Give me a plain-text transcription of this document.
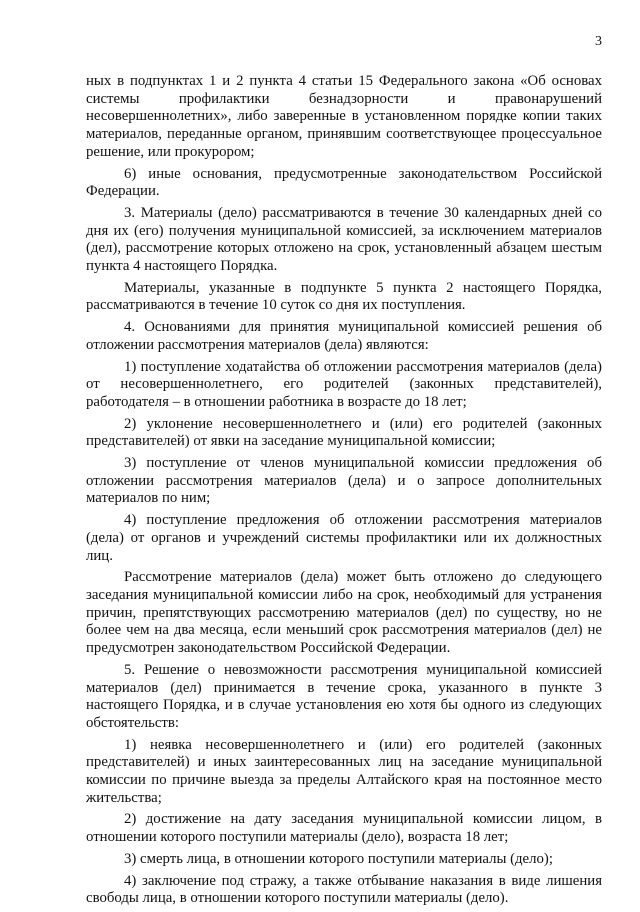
3

ных в подпунктах 1 и 2 пункта 4 статьи 15 Федерального закона «Об основах системы профилактики безнадзорности и правонарушений несовершеннолетних», либо заверенные в установленном порядке копии таких материалов, переданные органом, принявшим соответствующее процессуальное решение, или прокурором;

6) иные основания, предусмотренные законодательством Российской Федерации.

3. Материалы (дело) рассматриваются в течение 30 календарных дней со дня их (его) получения муниципальной комиссией, за исключением материалов (дел), рассмотрение которых отложено на срок, установленный абзацем шестым пункта 4 настоящего Порядка.

Материалы, указанные в подпункте 5 пункта 2 настоящего Порядка, рассматриваются в течение 10 суток со дня их поступления.

4. Основаниями для принятия муниципальной комиссией решения об отложении рассмотрения материалов (дела) являются:

1) поступление ходатайства об отложении рассмотрения материалов (дела) от несовершеннолетнего, его родителей (законных представителей), работодателя – в отношении работника в возрасте до 18 лет;

2) уклонение несовершеннолетнего и (или) его родителей (законных представителей) от явки на заседание муниципальной комиссии;

3) поступление от членов муниципальной комиссии предложения об отложении рассмотрения материалов (дела) и о запросе дополнительных материалов по ним;

4) поступление предложения об отложении рассмотрения материалов (дела) от органов и учреждений системы профилактики или их должностных лиц.

Рассмотрение материалов (дела) может быть отложено до следующего заседания муниципальной комиссии либо на срок, необходимый для устранения причин, препятствующих рассмотрению материалов (дел) по существу, но не более чем на два месяца, если меньший срок рассмотрения материалов (дел) не предусмотрен законодательством Российской Федерации.

5. Решение о невозможности рассмотрения муниципальной комиссией материалов (дел) принимается в течение срока, указанного в пункте 3 настоящего Порядка, и в случае установления ею хотя бы одного из следующих обстоятельств:

1) неявка несовершеннолетнего и (или) его родителей (законных представителей) и иных заинтересованных лиц на заседание муниципальной комиссии по причине выезда за пределы Алтайского края на постоянное место жительства;

2) достижение на дату заседания муниципальной комиссии лицом, в отношении которого поступили материалы (дело), возраста 18 лет;

3) смерть лица, в отношении которого поступили материалы (дело);

4) заключение под стражу, а также отбывание наказания в виде лишения свободы лица, в отношении которого поступили материалы (дело).
